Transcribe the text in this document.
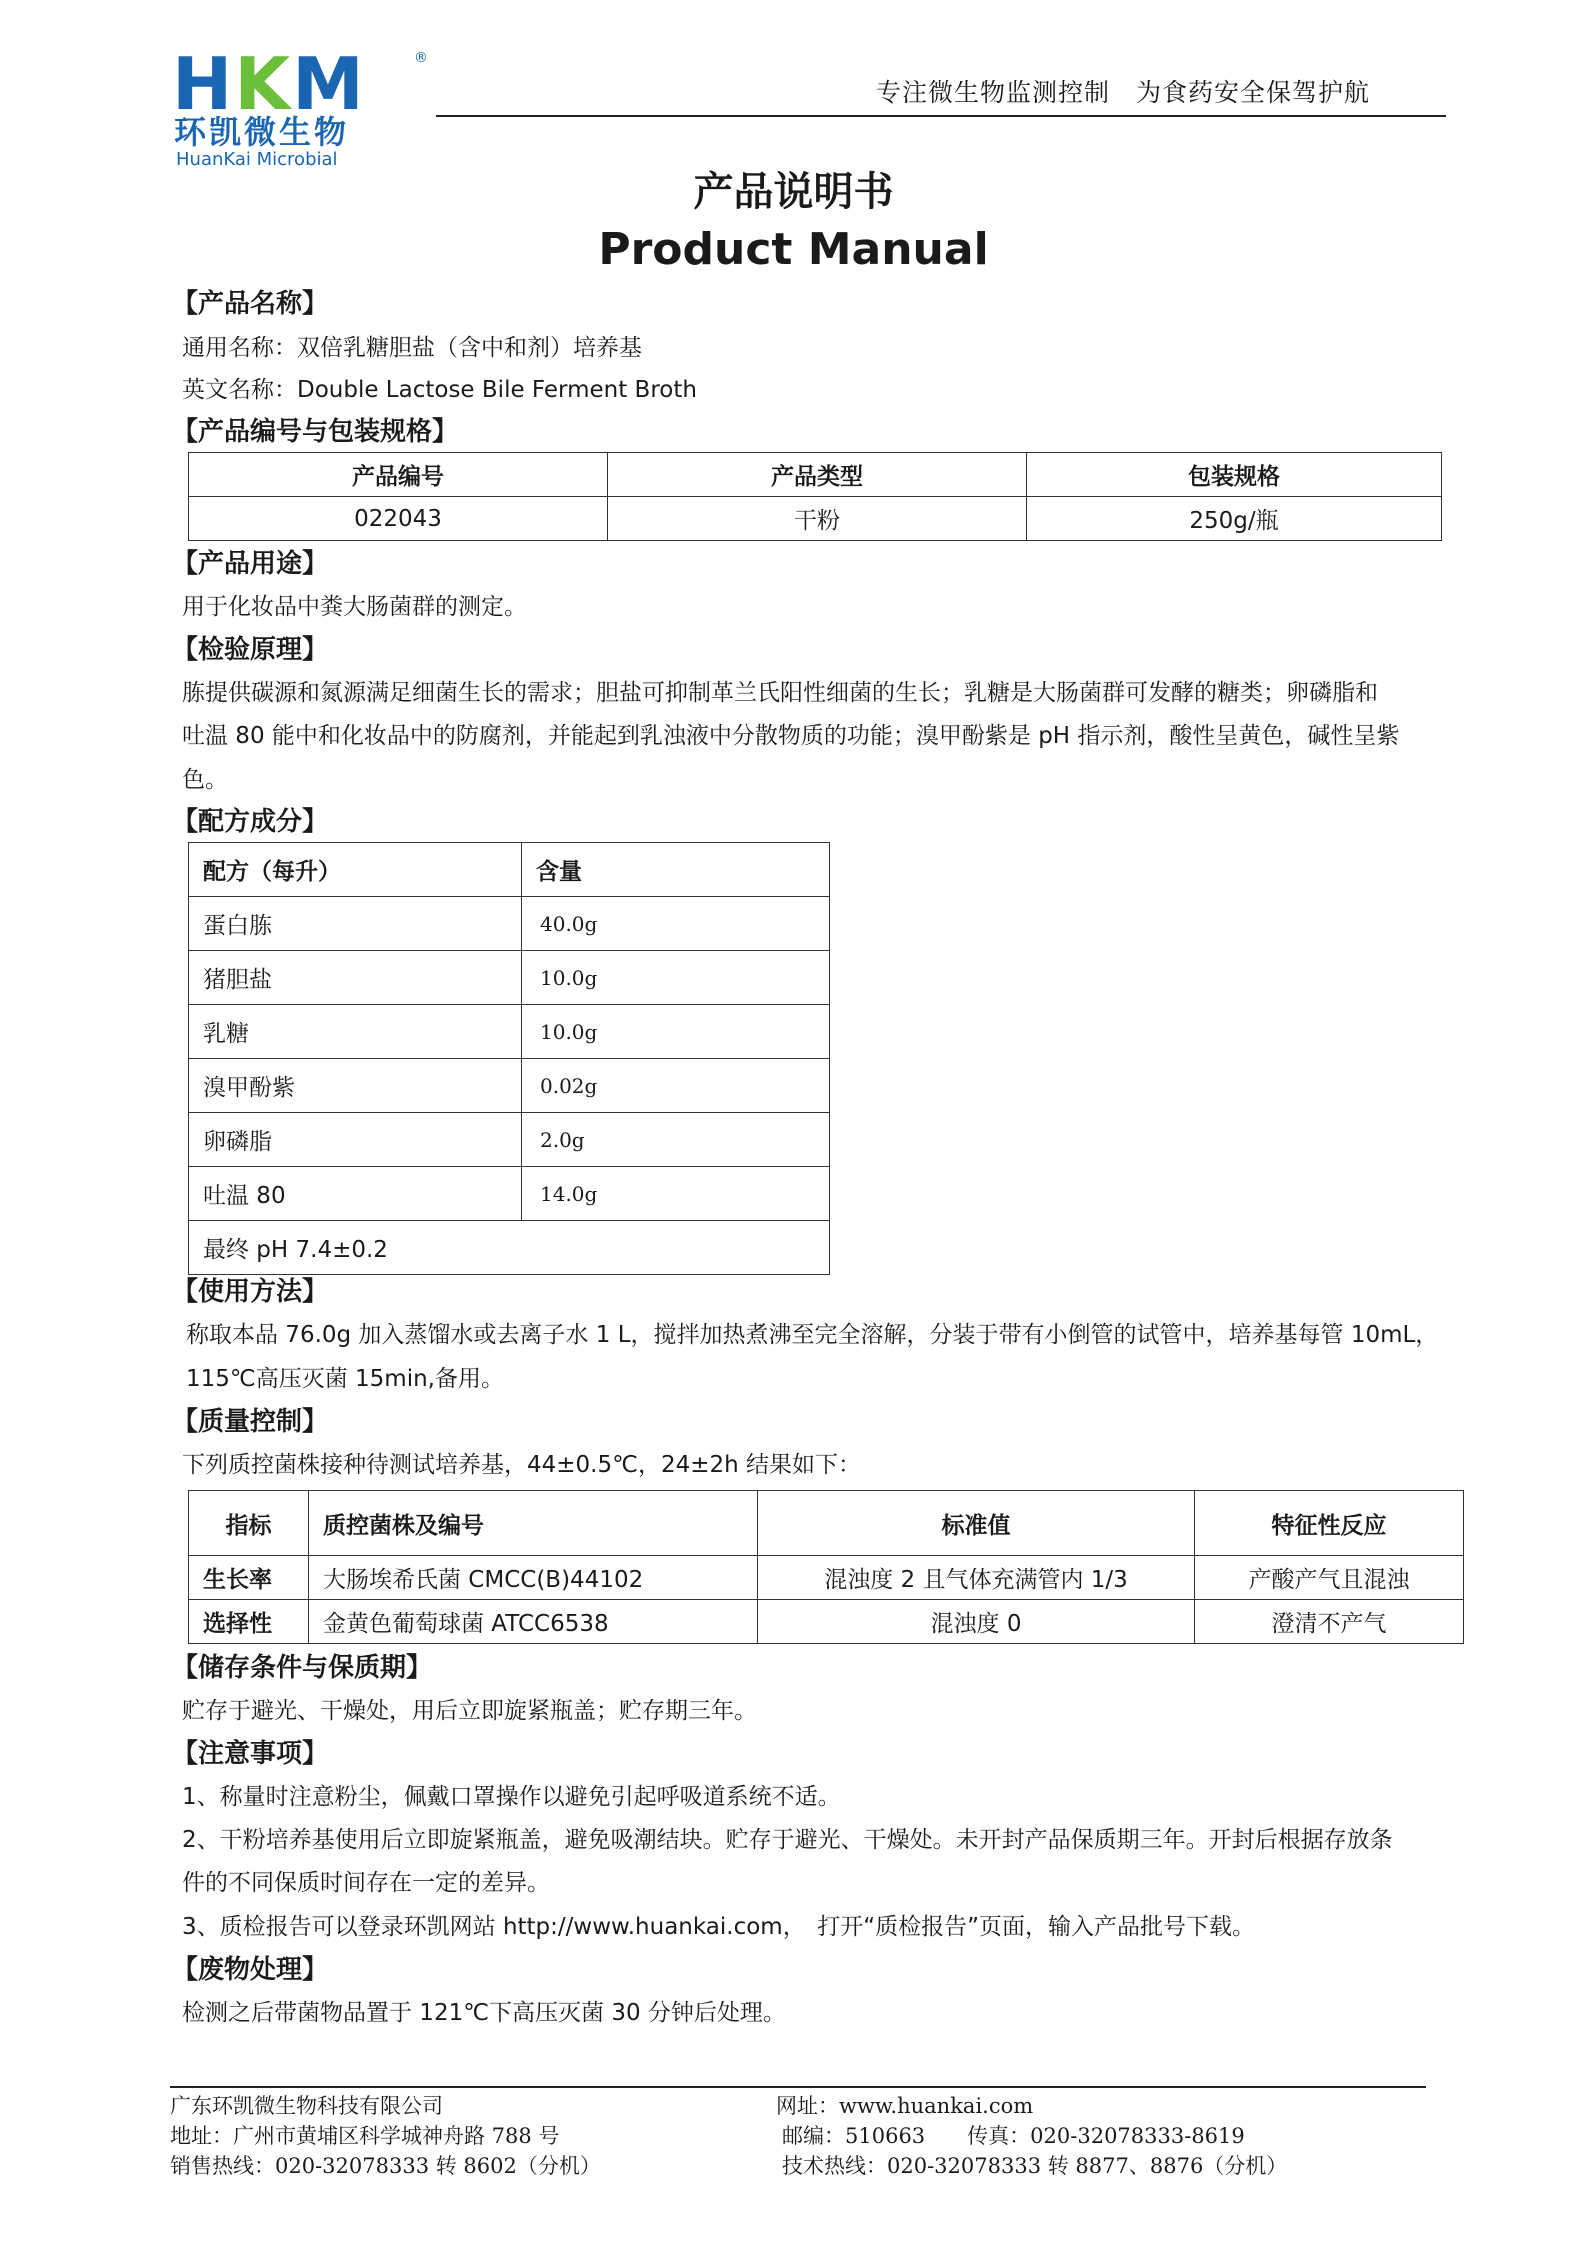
HKM	®
环凯微生物
HuanKai Microbial
专注微生物监测控制　为食药安全保驾护航
产品说明书
Product Manual
【产品名称】
通用名称：双倍乳糖胆盐（含中和剂）培养基
英文名称：Double Lactose Bile Ferment Broth
【产品编号与包装规格】
产品编号	产品类型	包装规格
022043	干粉	250g/瓶
【产品用途】
用于化妆品中粪大肠菌群的测定。
【检验原理】
胨提供碳源和氮源满足细菌生长的需求；胆盐可抑制革兰氏阳性细菌的生长；乳糖是大肠菌群可发酵的糖类；卵磷脂和
吐温 80 能中和化妆品中的防腐剂，并能起到乳浊液中分散物质的功能；溴甲酚紫是 pH 指示剂，酸性呈黄色，碱性呈紫
色。
【配方成分】
配方（每升）	含量
蛋白胨	40.0g
猪胆盐	10.0g
乳糖	10.0g
溴甲酚紫	0.02g
卵磷脂	2.0g
吐温 80	14.0g
最终 pH 7.4±0.2	
【使用方法】
称取本品 76.0g 加入蒸馏水或去离子水 1 L，搅拌加热煮沸至完全溶解，分装于带有小倒管的试管中，培养基每管 10mL，
115℃高压灭菌 15min,备用。
【质量控制】
下列质控菌株接种待测试培养基，44±0.5℃，24±2h 结果如下：
指标	质控菌株及编号	标准值	特征性反应
生长率	大肠埃希氏菌 CMCC(B)44102	混浊度 2 且气体充满管内 1/3	产酸产气且混浊
选择性	金黄色葡萄球菌 ATCC6538	混浊度 0	澄清不产气
【储存条件与保质期】
贮存于避光、干燥处，用后立即旋紧瓶盖；贮存期三年。
【注意事项】
1、称量时注意粉尘，佩戴口罩操作以避免引起呼吸道系统不适。
2、干粉培养基使用后立即旋紧瓶盖，避免吸潮结块。贮存于避光、干燥处。未开封产品保质期三年。开封后根据存放条
件的不同保质时间存在一定的差异。
3、质检报告可以登录环凯网站 http://www.huankai.com，　打开“质检报告”页面，输入产品批号下载。
【废物处理】
检测之后带菌物品置于 121℃下高压灭菌 30 分钟后处理。
广东环凯微生物科技有限公司
地址：广州市黄埔区科学城神舟路 788 号
销售热线：020-32078333 转 8602（分机）
网址：www.huankai.com
邮编：510663　　传真：020-32078333-8619
技术热线：020-32078333 转 8877、8876（分机）
